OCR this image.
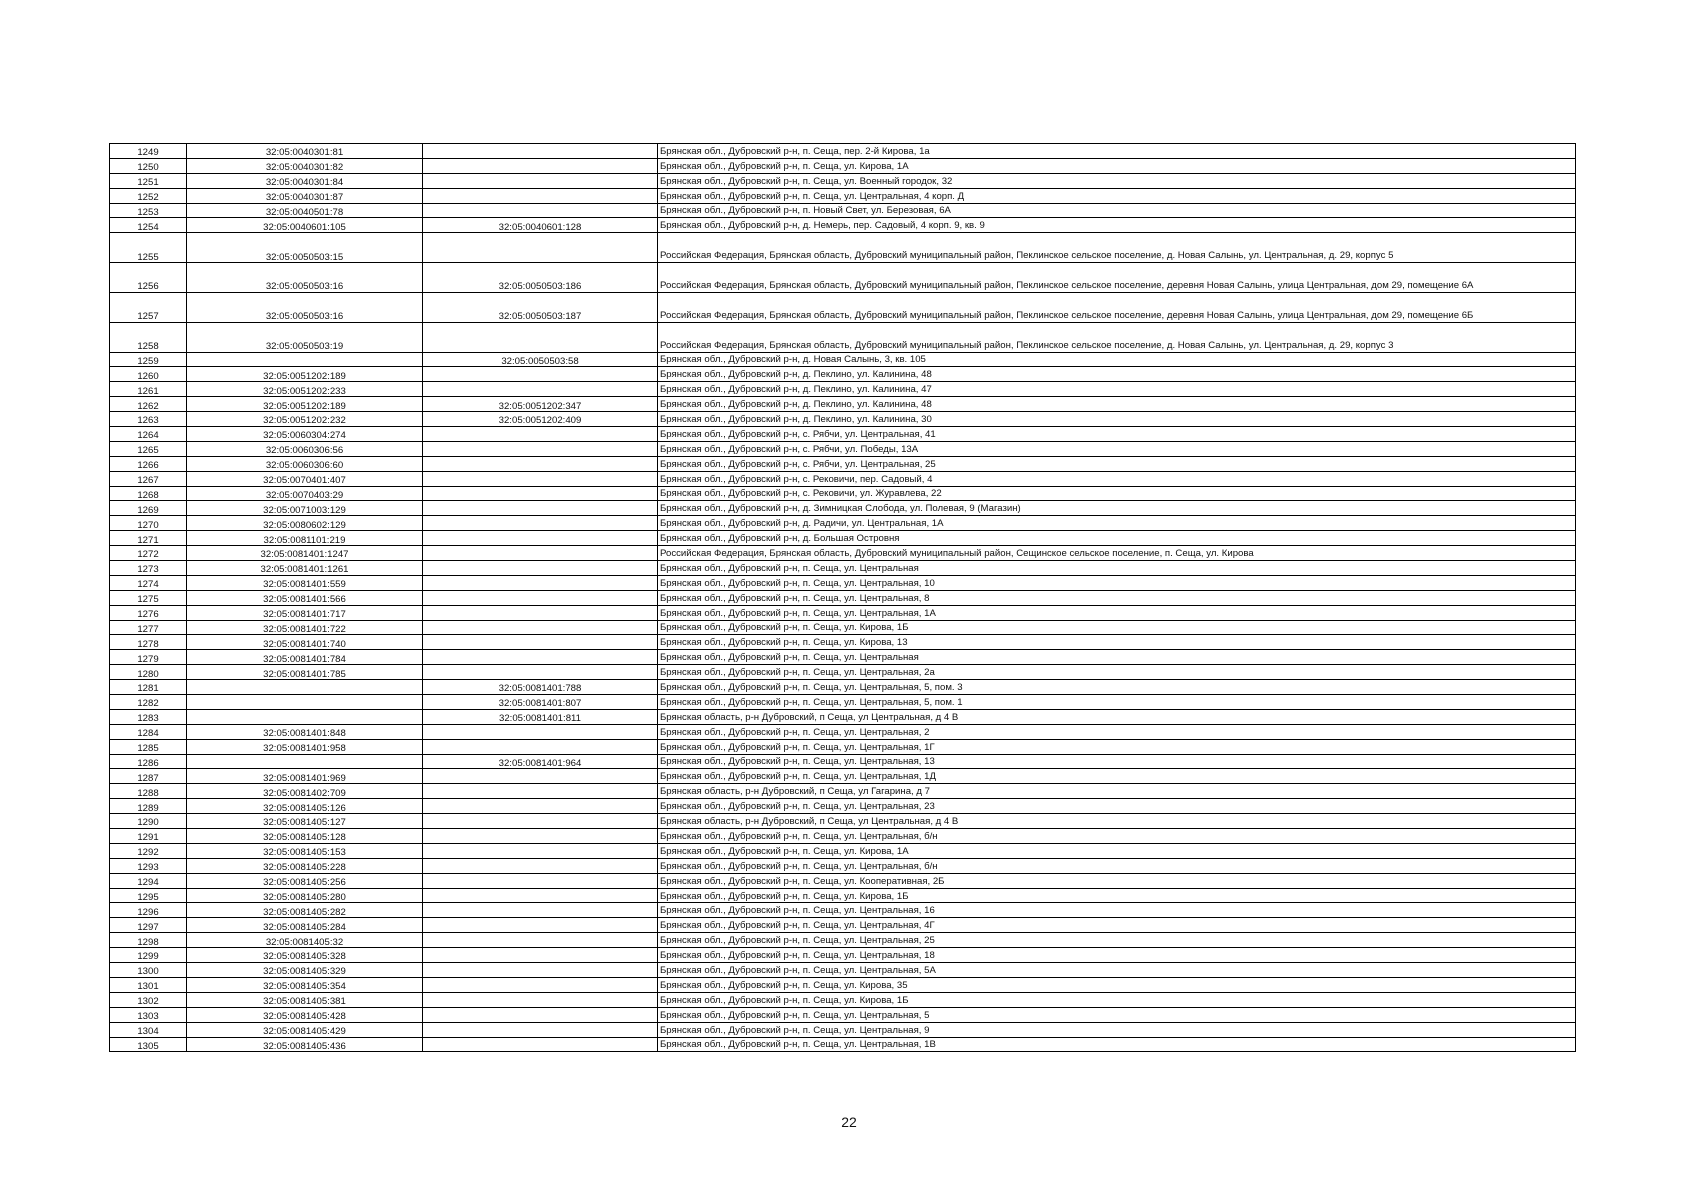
1249	32:05:0040301:81		Брянская обл., Дубровский р-н, п. Сеща, пер. 2-й Кирова, 1а
1250	32:05:0040301:82		Брянская обл., Дубровский р-н, п. Сеща, ул. Кирова, 1А
1251	32:05:0040301:84		Брянская обл., Дубровский р-н, п. Сеща, ул. Военный городок, 32
1252	32:05:0040301:87		Брянская обл., Дубровский р-н, п. Сеща, ул. Центральная, 4 корп. Д
1253	32:05:0040501:78		Брянская обл., Дубровский р-н, п. Новый Свет, ул. Березовая, 6А
1254	32:05:0040601:105	32:05:0040601:128	Брянская обл., Дубровский р-н, д. Немерь, пер. Садовый, 4 корп. 9, кв. 9
1255	32:05:0050503:15		Российская Федерация, Брянская область, Дубровский муниципальный район, Пеклинское сельское поселение, д. Новая Салынь, ул. Центральная, д. 29, корпус 5
1256	32:05:0050503:16	32:05:0050503:186	Российская Федерация, Брянская область, Дубровский муниципальный район, Пеклинское сельское поселение, деревня Новая Салынь, улица Центральная, дом 29, помещение 6А
1257	32:05:0050503:16	32:05:0050503:187	Российская Федерация, Брянская область, Дубровский муниципальный район, Пеклинское сельское поселение, деревня Новая Салынь, улица Центральная, дом 29, помещение 6Б
1258	32:05:0050503:19		Российская Федерация, Брянская область, Дубровский муниципальный район, Пеклинское сельское поселение, д. Новая Салынь, ул. Центральная, д. 29, корпус 3
1259		32:05:0050503:58	Брянская обл., Дубровский р-н, д. Новая Салынь, 3, кв. 105
1260	32:05:0051202:189		Брянская обл., Дубровский р-н, д. Пеклино, ул. Калинина, 48
1261	32:05:0051202:233		Брянская обл., Дубровский р-н, д. Пеклино, ул. Калинина, 47
1262	32:05:0051202:189	32:05:0051202:347	Брянская обл., Дубровский р-н, д. Пеклино, ул. Калинина, 48
1263	32:05:0051202:232	32:05:0051202:409	Брянская обл., Дубровский р-н, д. Пеклино, ул. Калинина, 30
1264	32:05:0060304:274		Брянская обл., Дубровский р-н, с. Рябчи, ул. Центральная, 41
1265	32:05:0060306:56		Брянская обл., Дубровский р-н, с. Рябчи, ул. Победы, 13А
1266	32:05:0060306:60		Брянская обл., Дубровский р-н, с. Рябчи, ул. Центральная, 25
1267	32:05:0070401:407		Брянская обл., Дубровский р-н, с. Рековичи, пер. Садовый, 4
1268	32:05:0070403:29		Брянская обл., Дубровский р-н, с. Рековичи, ул. Журавлева, 22
1269	32:05:0071003:129		Брянская обл., Дубровский р-н, д. Зимницкая Слобода, ул. Полевая, 9 (Магазин)
1270	32:05:0080602:129		Брянская обл., Дубровский р-н, д. Радичи, ул. Центральная, 1А
1271	32:05:0081101:219		Брянская обл., Дубровский р-н, д. Большая Островня
1272	32:05:0081401:1247		Российская Федерация, Брянская область, Дубровский муниципальный район, Сещинское сельское поселение, п. Сеща, ул. Кирова
1273	32:05:0081401:1261		Брянская обл., Дубровский р-н, п. Сеща, ул. Центральная
1274	32:05:0081401:559		Брянская обл., Дубровский р-н, п. Сеща, ул. Центральная, 10
1275	32:05:0081401:566		Брянская обл., Дубровский р-н, п. Сеща, ул. Центральная, 8
1276	32:05:0081401:717		Брянская обл., Дубровский р-н, п. Сеща, ул. Центральная, 1А
1277	32:05:0081401:722		Брянская обл., Дубровский р-н, п. Сеща, ул. Кирова, 1Б
1278	32:05:0081401:740		Брянская обл., Дубровский р-н, п. Сеща, ул. Кирова, 13
1279	32:05:0081401:784		Брянская обл., Дубровский р-н, п. Сеща, ул. Центральная
1280	32:05:0081401:785		Брянская обл., Дубровский р-н, п. Сеща, ул. Центральная, 2а
1281		32:05:0081401:788	Брянская обл., Дубровский р-н, п. Сеща, ул. Центральная, 5, пом. 3
1282		32:05:0081401:807	Брянская обл., Дубровский р-н, п. Сеща, ул. Центральная, 5, пом. 1
1283		32:05:0081401:811	Брянская область, р-н Дубровский, п Сеща, ул Центральная, д 4 В
1284	32:05:0081401:848		Брянская обл., Дубровский р-н, п. Сеща, ул. Центральная, 2
1285	32:05:0081401:958		Брянская обл., Дубровский р-н, п. Сеща, ул. Центральная, 1Г
1286		32:05:0081401:964	Брянская обл., Дубровский р-н, п. Сеща, ул. Центральная, 13
1287	32:05:0081401:969		Брянская обл., Дубровский р-н, п. Сеща, ул. Центральная, 1Д
1288	32:05:0081402:709		Брянская область, р-н Дубровский, п Сеща, ул Гагарина, д 7
1289	32:05:0081405:126		Брянская обл., Дубровский р-н, п. Сеща, ул. Центральная, 23
1290	32:05:0081405:127		Брянская область, р-н Дубровский, п Сеща, ул Центральная, д 4 В
1291	32:05:0081405:128		Брянская обл., Дубровский р-н, п. Сеща, ул. Центральная, б/н
1292	32:05:0081405:153		Брянская обл., Дубровский р-н, п. Сеща, ул. Кирова, 1А
1293	32:05:0081405:228		Брянская обл., Дубровский р-н, п. Сеща, ул. Центральная, б/н
1294	32:05:0081405:256		Брянская обл., Дубровский р-н, п. Сеща, ул. Кооперативная, 2Б
1295	32:05:0081405:280		Брянская обл., Дубровский р-н, п. Сеща, ул. Кирова, 1Б
1296	32:05:0081405:282		Брянская обл., Дубровский р-н, п. Сеща, ул. Центральная, 16
1297	32:05:0081405:284		Брянская обл., Дубровский р-н, п. Сеща, ул. Центральная, 4Г
1298	32:05:0081405:32		Брянская обл., Дубровский р-н, п. Сеща, ул. Центральная, 25
1299	32:05:0081405:328		Брянская обл., Дубровский р-н, п. Сеща, ул. Центральная, 18
1300	32:05:0081405:329		Брянская обл., Дубровский р-н, п. Сеща, ул. Центральная, 5А
1301	32:05:0081405:354		Брянская обл., Дубровский р-н, п. Сеща, ул. Кирова, 35
1302	32:05:0081405:381		Брянская обл., Дубровский р-н, п. Сеща, ул. Кирова, 1Б
1303	32:05:0081405:428		Брянская обл., Дубровский р-н, п. Сеща, ул. Центральная, 5
1304	32:05:0081405:429		Брянская обл., Дубровский р-н, п. Сеща, ул. Центральная, 9
1305	32:05:0081405:436		Брянская обл., Дубровский р-н, п. Сеща, ул. Центральная, 1В
22
